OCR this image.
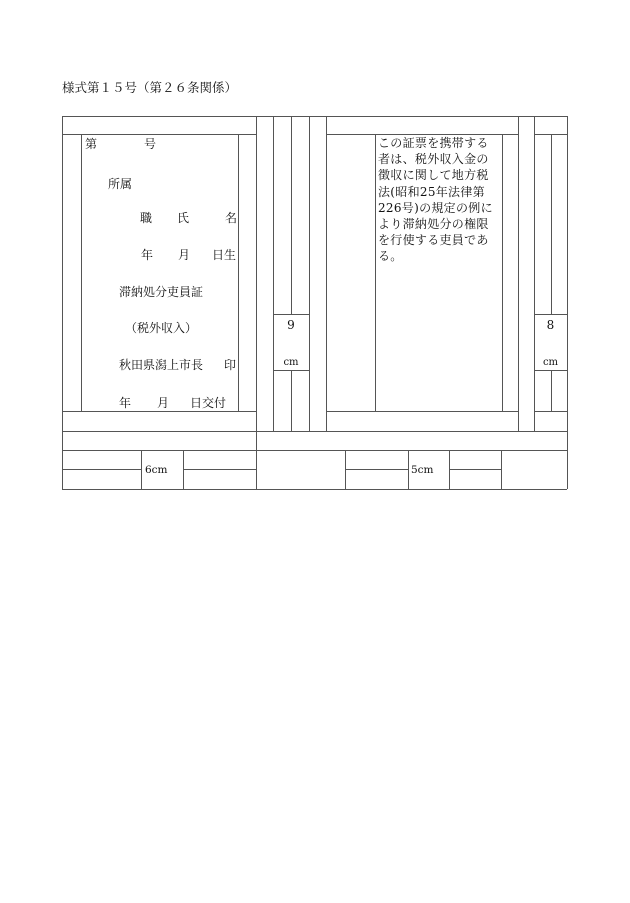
様式第１５号（第２６条関係）
第	号
所属
職 氏	名
年 月 日生
滞納処分吏員証
（税外収入）
秋田県潟上市長 印
年 月 日交付
この証票を携帯する
者は、税外収入金の
徴収に関して地方税
法(昭和25年法律第
226号)の規定の例に
より滞納処分の権限
を行使する吏員であ
る。
9
cm
8
cm
6cm	5cm
